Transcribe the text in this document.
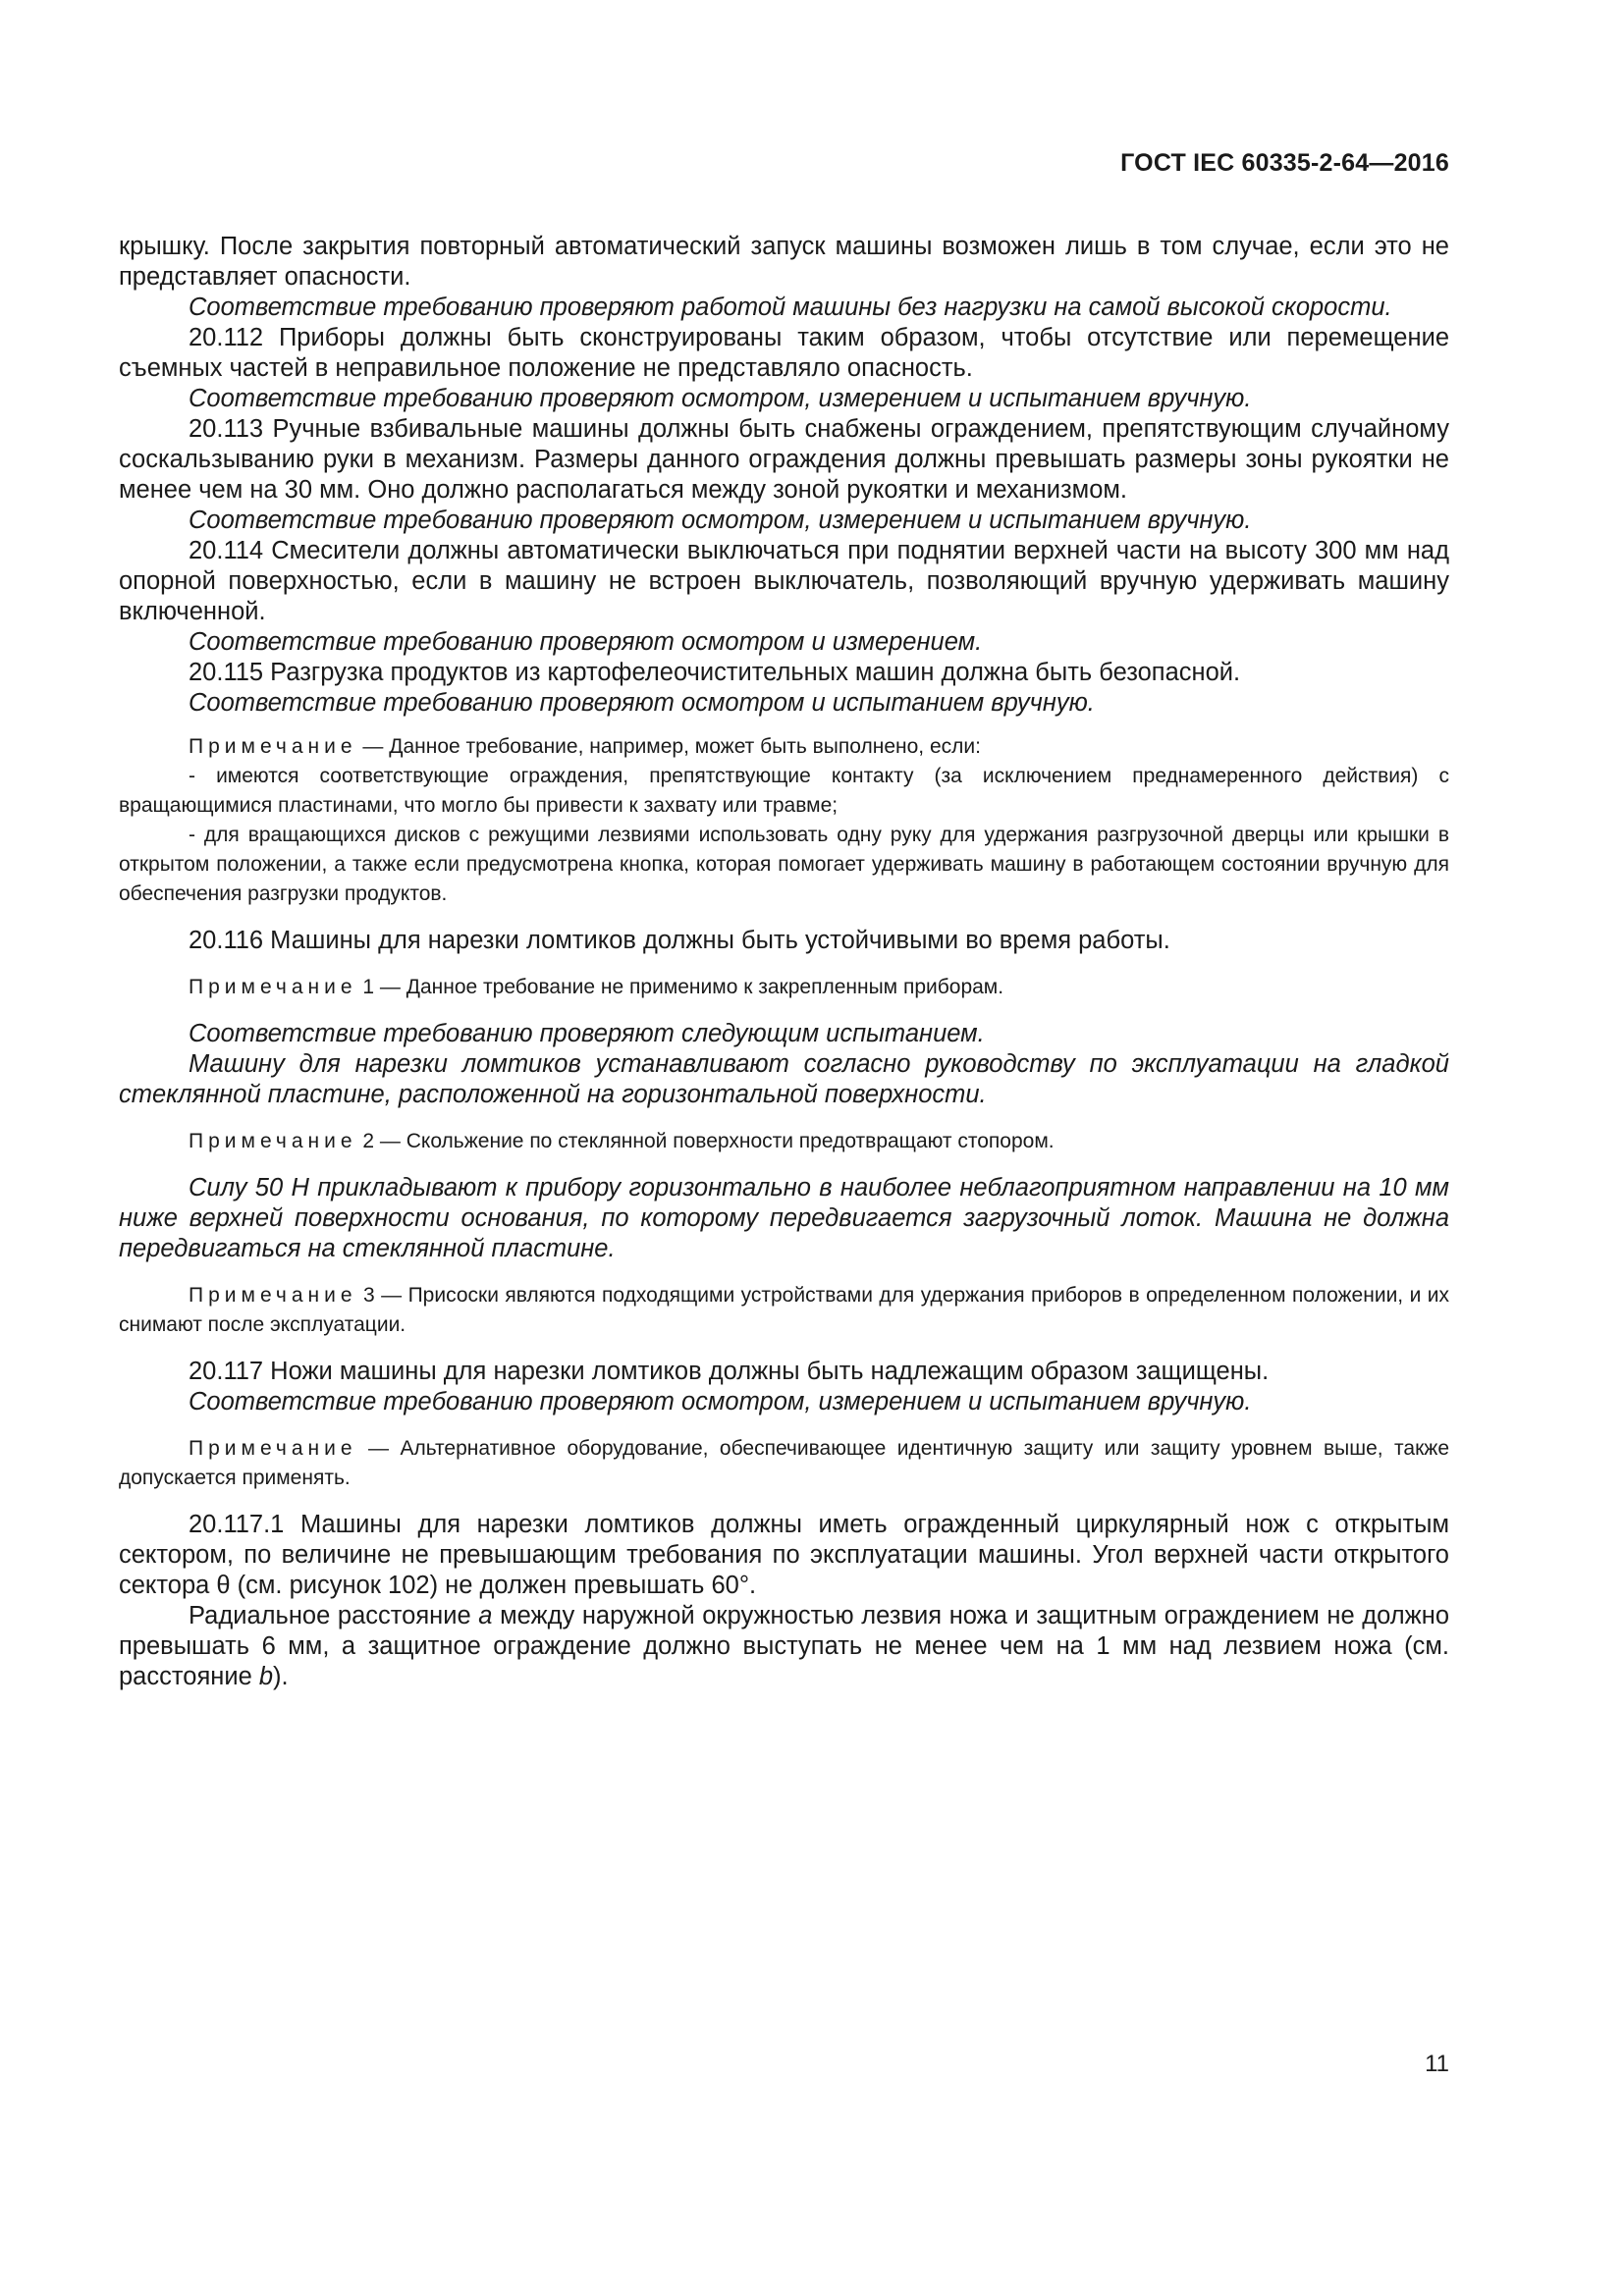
ГОСТ IEC 60335-2-64—2016

крышку. После закрытия повторный автоматический запуск машины возможен лишь в том случае, если это не представляет опасности.

Соответствие требованию проверяют работой машины без нагрузки на самой высокой скорости.

20.112 Приборы должны быть сконструированы таким образом, чтобы отсутствие или перемещение съемных частей в неправильное положение не представляло опасность.

Соответствие требованию проверяют осмотром, измерением и испытанием вручную.

20.113 Ручные взбивальные машины должны быть снабжены ограждением, препятствующим случайному соскальзыванию руки в механизм. Размеры данного ограждения должны превышать размеры зоны рукоятки не менее чем на 30 мм. Оно должно располагаться между зоной рукоятки и механизмом.

Соответствие требованию проверяют осмотром, измерением и испытанием вручную.

20.114 Смесители должны автоматически выключаться при поднятии верхней части на высоту 300 мм над опорной поверхностью, если в машину не встроен выключатель, позволяющий вручную удерживать машину включенной.

Соответствие требованию проверяют осмотром и измерением.

20.115 Разгрузка продуктов из картофелеочистительных машин должна быть безопасной.

Соответствие требованию проверяют осмотром и испытанием вручную.

Примечание — Данное требование, например, может быть выполнено, если:

- имеются соответствующие ограждения, препятствующие контакту (за исключением преднамеренного действия) с вращающимися пластинами, что могло бы привести к захвату или травме;

- для вращающихся дисков с режущими лезвиями использовать одну руку для удержания разгрузочной дверцы или крышки в открытом положении, а также если предусмотрена кнопка, которая помогает удерживать машину в работающем состоянии вручную для обеспечения разгрузки продуктов.

20.116 Машины для нарезки ломтиков должны быть устойчивыми во время работы.

Примечание 1 — Данное требование не применимо к закрепленным приборам.

Соответствие требованию проверяют следующим испытанием.

Машину для нарезки ломтиков устанавливают согласно руководству по эксплуатации на гладкой стеклянной пластине, расположенной на горизонтальной поверхности.

Примечание 2 — Скольжение по стеклянной поверхности предотвращают стопором.

Силу 50 Н прикладывают к прибору горизонтально в наиболее неблагоприятном направлении на 10 мм ниже верхней поверхности основания, по которому передвигается загрузочный лоток. Машина не должна передвигаться на стеклянной пластине.

Примечание 3 — Присоски являются подходящими устройствами для удержания приборов в определенном положении, и их снимают после эксплуатации.

20.117 Ножи машины для нарезки ломтиков должны быть надлежащим образом защищены.

Соответствие требованию проверяют осмотром, измерением и испытанием вручную.

Примечание — Альтернативное оборудование, обеспечивающее идентичную защиту или защиту уровнем выше, также допускается применять.

20.117.1 Машины для нарезки ломтиков должны иметь огражденный циркулярный нож с открытым сектором, по величине не превышающим требования по эксплуатации машины. Угол верхней части открытого сектора θ (см. рисунок 102) не должен превышать 60°.

Радиальное расстояние a между наружной окружностью лезвия ножа и защитным ограждением не должно превышать 6 мм, а защитное ограждение должно выступать не менее чем на 1 мм над лезвием ножа (см. расстояние b).

11
